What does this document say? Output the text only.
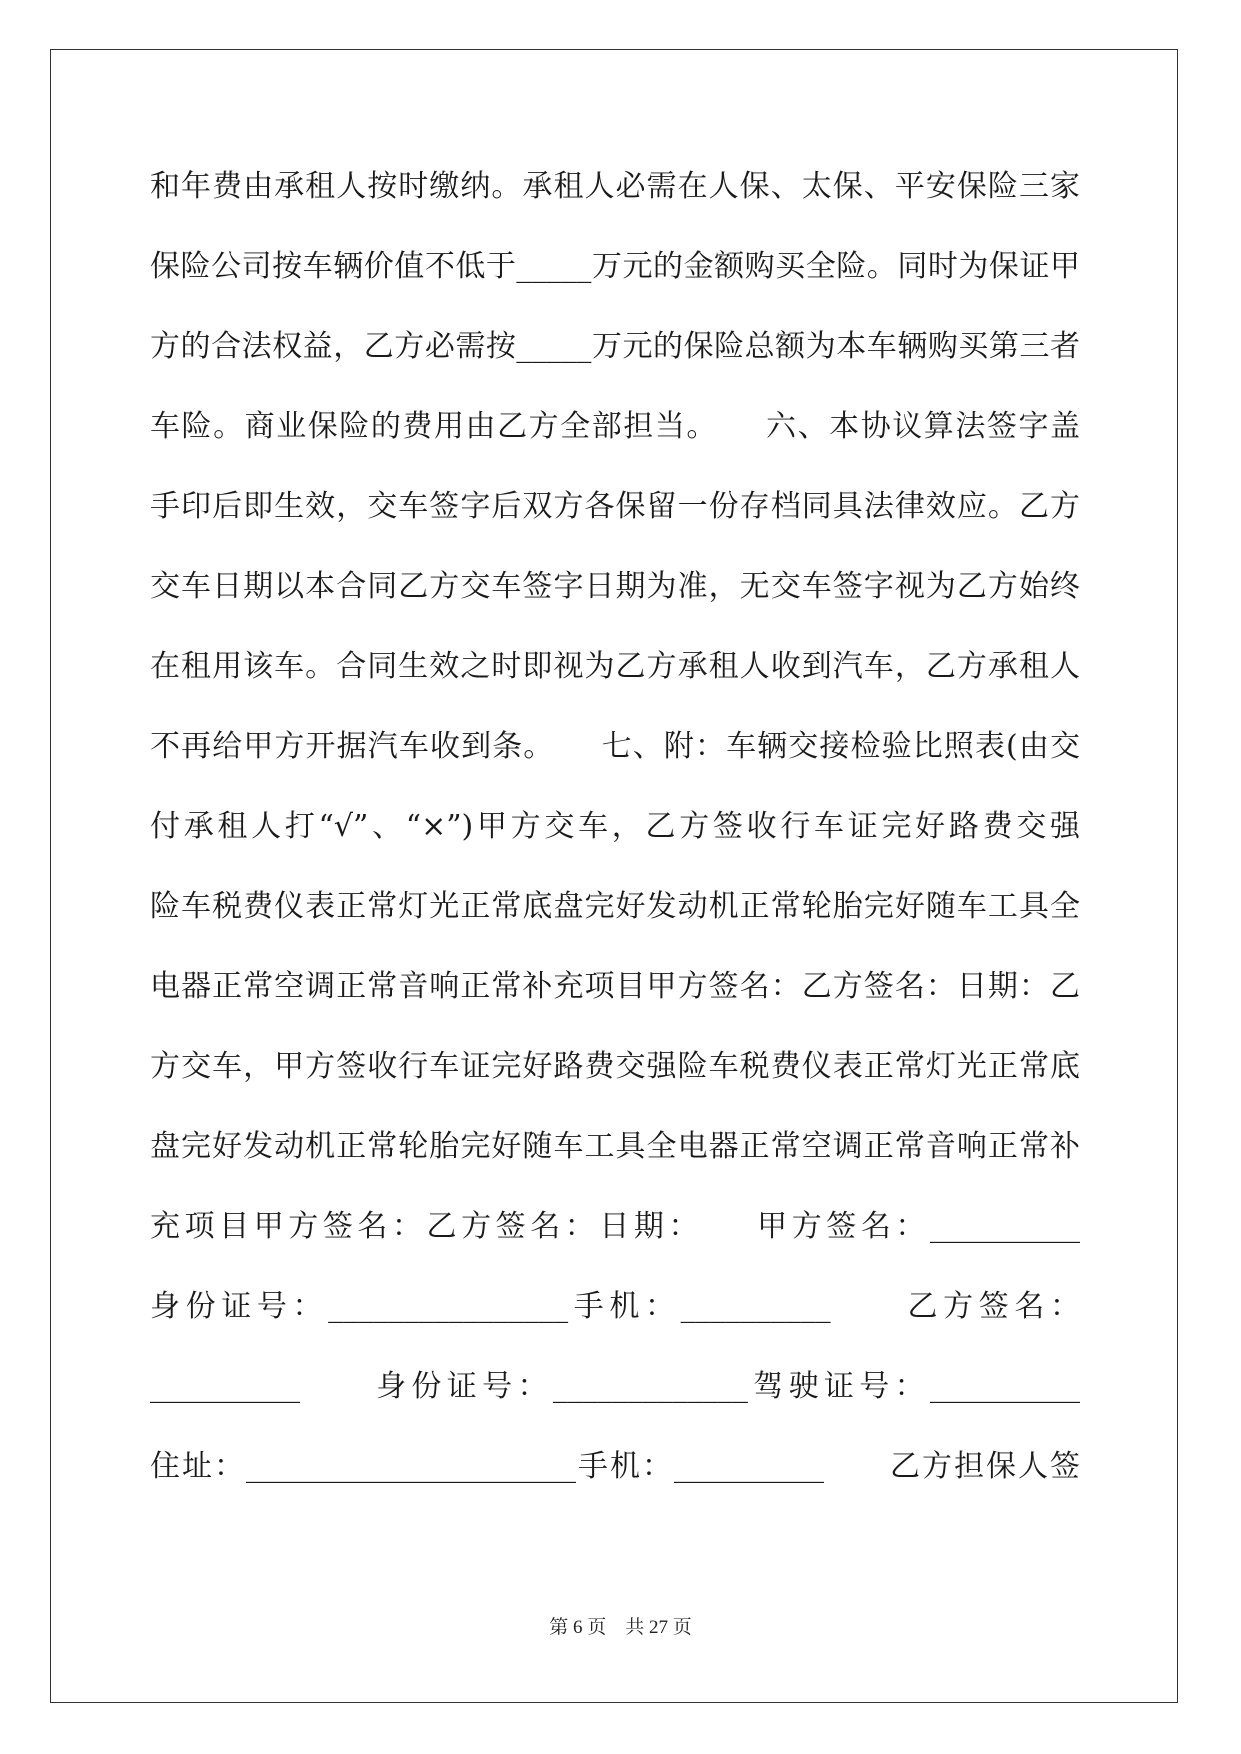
和年费由承租人按时缴纳。承租人必需在人保、太保、平安保险三家
保险公司按车辆价值不低于_____万元的金额购买全险。同时为保证甲
方的合法权益，乙方必需按_____万元的保险总额为本车辆购买第三者
车险。商业保险的费用由乙方全部担当。　　六、本协议算法签字盖
手印后即生效，交车签字后双方各保留一份存档同具法律效应。乙方
交车日期以本合同乙方交车签字日期为准，无交车签字视为乙方始终
在租用该车。合同生效之时即视为乙方承租人收到汽车，乙方承租人
不再给甲方开据汽车收到条。　　七、附：车辆交接检验比照表(由交
付承租人打“√”、“×”)甲方交车，乙方签收行车证完好路费交强
险车税费仪表正常灯光正常底盘完好发动机正常轮胎完好随车工具全
电器正常空调正常音响正常补充项目甲方签名：乙方签名：日期：乙
方交车，甲方签收行车证完好路费交强险车税费仪表正常灯光正常底
盘完好发动机正常轮胎完好随车工具全电器正常空调正常音响正常补
充项目甲方签名：乙方签名：日期：　　甲方签名：__________
身份证号：________________手机：__________　　乙方签名：
__________　　身份证号：_____________驾驶证号：__________
住址：______________________手机：__________　　乙方担保人签
第 6 页　共 27 页
